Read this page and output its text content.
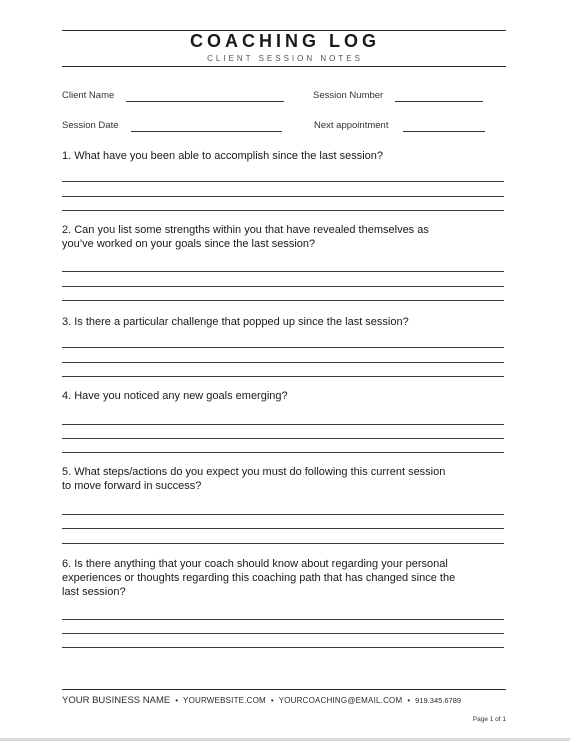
COACHING LOG
CLIENT SESSION NOTES
Client Name	Session Number
Session Date	Next appointment
1. What have you been able to accomplish since the last session?
2. Can you list some strengths within you that have revealed themselves as
you’ve worked on your goals since the last session?
3. Is there a particular challenge that popped up since the last session?
4. Have you noticed any new goals emerging?
5. What steps/actions do you expect you must do following this current session
to move forward in success?
6. Is there anything that your coach should know about regarding your personal
experiences or thoughts regarding this coaching path that has changed since the
last session?
YOUR BUSINESS NAME • YOURWEBSITE.COM • YOURCOACHING@EMAIL.COM • 919.345.6789
Page 1 of 1
